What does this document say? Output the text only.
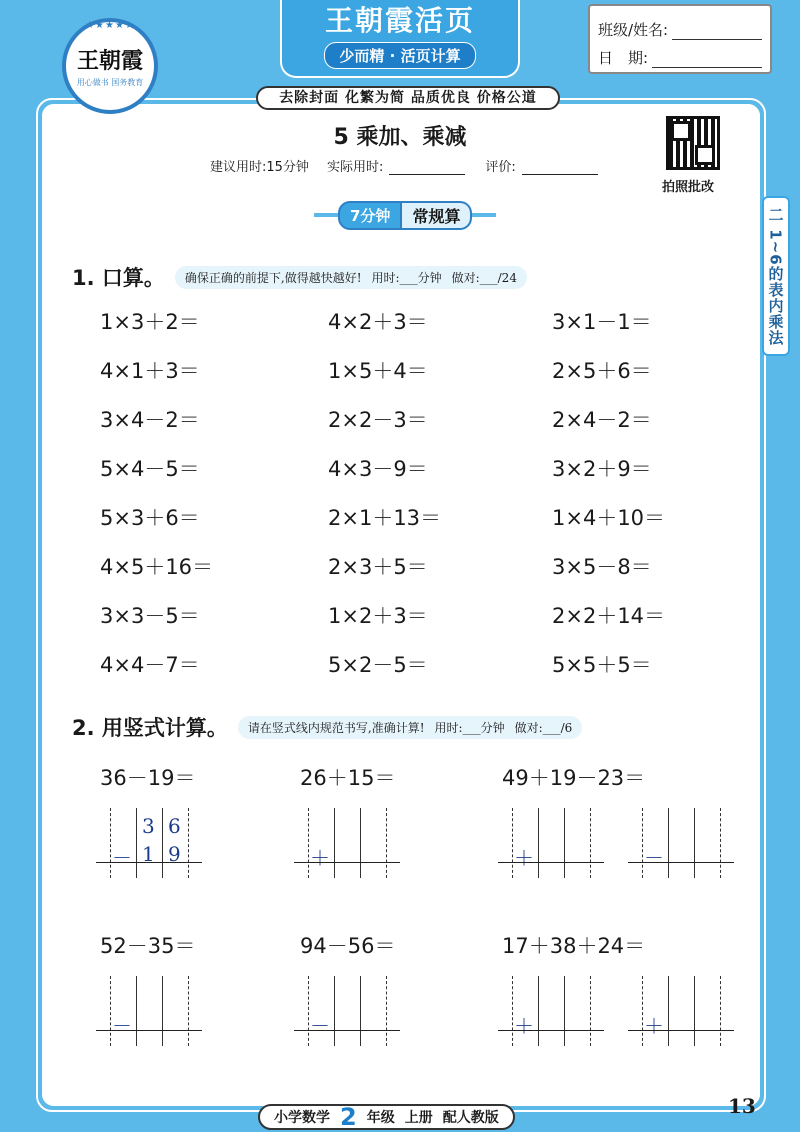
★★★★★
王朝霞
用心做书 国务教育
王朝霞活页
少而精 · 活页计算
班级/姓名:
日　期:
去除封面 化繁为简 品质优良 价格公道
5 乘加、乘减
建议用时:15分钟 实际用时:	评价:
拍照批改
7分钟	常规算	二 1~6的表内乘法
1. 口算。 确保正确的前提下,做得越快越好! 用时:___分钟 做对:___/24
1×3＋2＝	4×2＋3＝	3×1－1＝
4×1＋3＝	1×5＋4＝	2×5＋6＝
3×4－2＝	2×2－3＝	2×4－2＝
5×4－5＝	4×3－9＝	3×2＋9＝
5×3＋6＝	2×1＋13＝	1×4＋10＝
4×5＋16＝	2×3＋5＝	3×5－8＝
3×3－5＝	1×2＋3＝	2×2＋14＝
4×4－7＝	5×2－5＝	5×5＋5＝
2. 用竖式计算。 请在竖式线内规范书写,准确计算! 用时:___分钟 做对:___/6
36－19＝	26＋15＝	49＋19－23＝
3 6
－ 1 9	＋	＋	－
52－35＝	94－56＝	17＋38＋24＝
－	－	＋	＋
小学数学 2 年级 上册 配人教版	13
